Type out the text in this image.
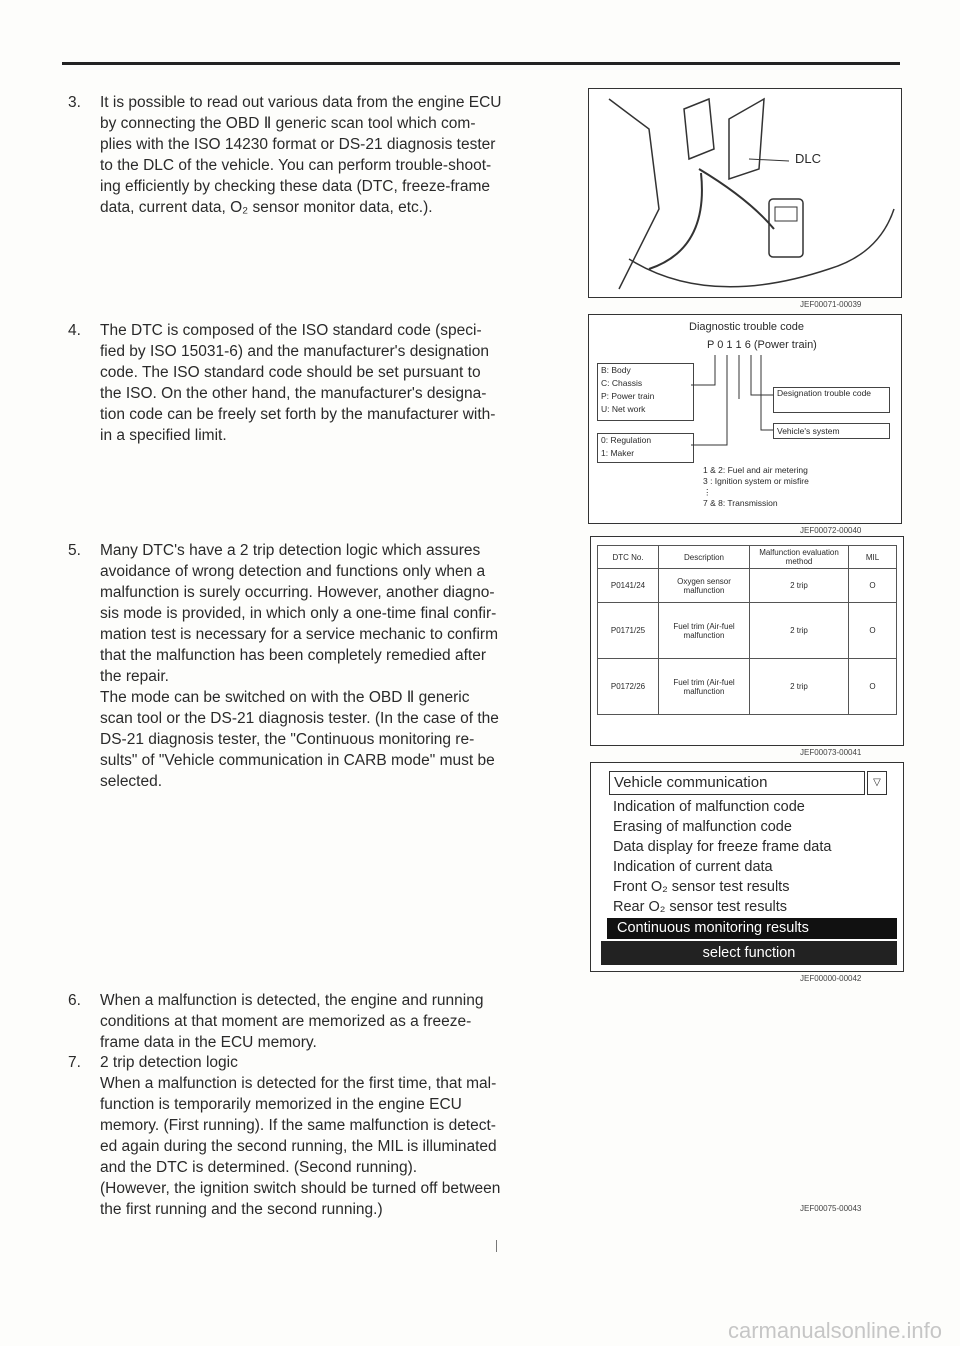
3.	It is possible to read out various data from the engine ECU
by connecting the OBD Ⅱ generic scan tool which com-
plies with the ISO 14230 format or DS-21 diagnosis tester
to the DLC of the vehicle. You can perform trouble-shoot-
ing efficiently by checking these data (DTC, freeze-frame
data, current data, O₂ sensor monitor data, etc.).
4.	The DTC is composed of the ISO standard code (speci-
fied by ISO 15031-6) and the manufacturer's designation
code. The ISO standard code should be set pursuant to
the ISO. On the other hand, the manufacturer's designa-
tion code can be freely set forth by the manufacturer with-
in a specified limit.
5.	Many DTC's have a 2 trip detection logic which assures
avoidance of wrong detection and functions only when a
malfunction is surely occurring. However, another diagno-
sis mode is provided, in which only a one-time final confir-
mation test is necessary for a service mechanic to confirm
that the malfunction has been completely remedied after
the repair.
The mode can be switched on with the OBD Ⅱ generic
scan tool or the DS-21 diagnosis tester. (In the case of the
DS-21 diagnosis tester, the "Continuous monitoring re-
sults" of "Vehicle communication in CARB mode" must be
selected.
6.	When a malfunction is detected, the engine and running
conditions at that moment are memorized as a freeze-
frame data in the ECU memory.
7.	2 trip detection logic
When a malfunction is detected for the first time, that mal-
function is temporarily memorized in the engine ECU
memory. (First running). If the same malfunction is detect-
ed again during the second running, the MIL is illuminated
and the DTC is determined. (Second running).
(However, the ignition switch should be turned off between
the first running and the second running.)
DLC
JEF00071-00039
Diagnostic trouble code
P 0 1 1 6 (Power train)
B: Body
C: Chassis
P: Power train
U: Net work
0: Regulation
1: Maker
Designation trouble code
Vehicle's system
1 & 2: Fuel and air metering
3 : Ignition system or misfire
⋮
7 & 8: Transmission
JEF00072-00040
DTC No.	Description	Malfunction evaluation method	MIL
P0141/24	Oxygen sensor malfunction	2 trip	O
P0171/25	Fuel trim (Air-fuel malfunction	2 trip	O
P0172/26	Fuel trim (Air-fuel malfunction	2 trip	O
JEF00073-00041
Vehicle communication	▽
Indication of malfunction code
Erasing of malfunction code
Data display for freeze frame data
Indication of current data
Front O₂ sensor test results
Rear O₂ sensor test results
Continuous monitoring results
select function
JEF00000-00042
JEF00075-00043
carmanualsonline.info
